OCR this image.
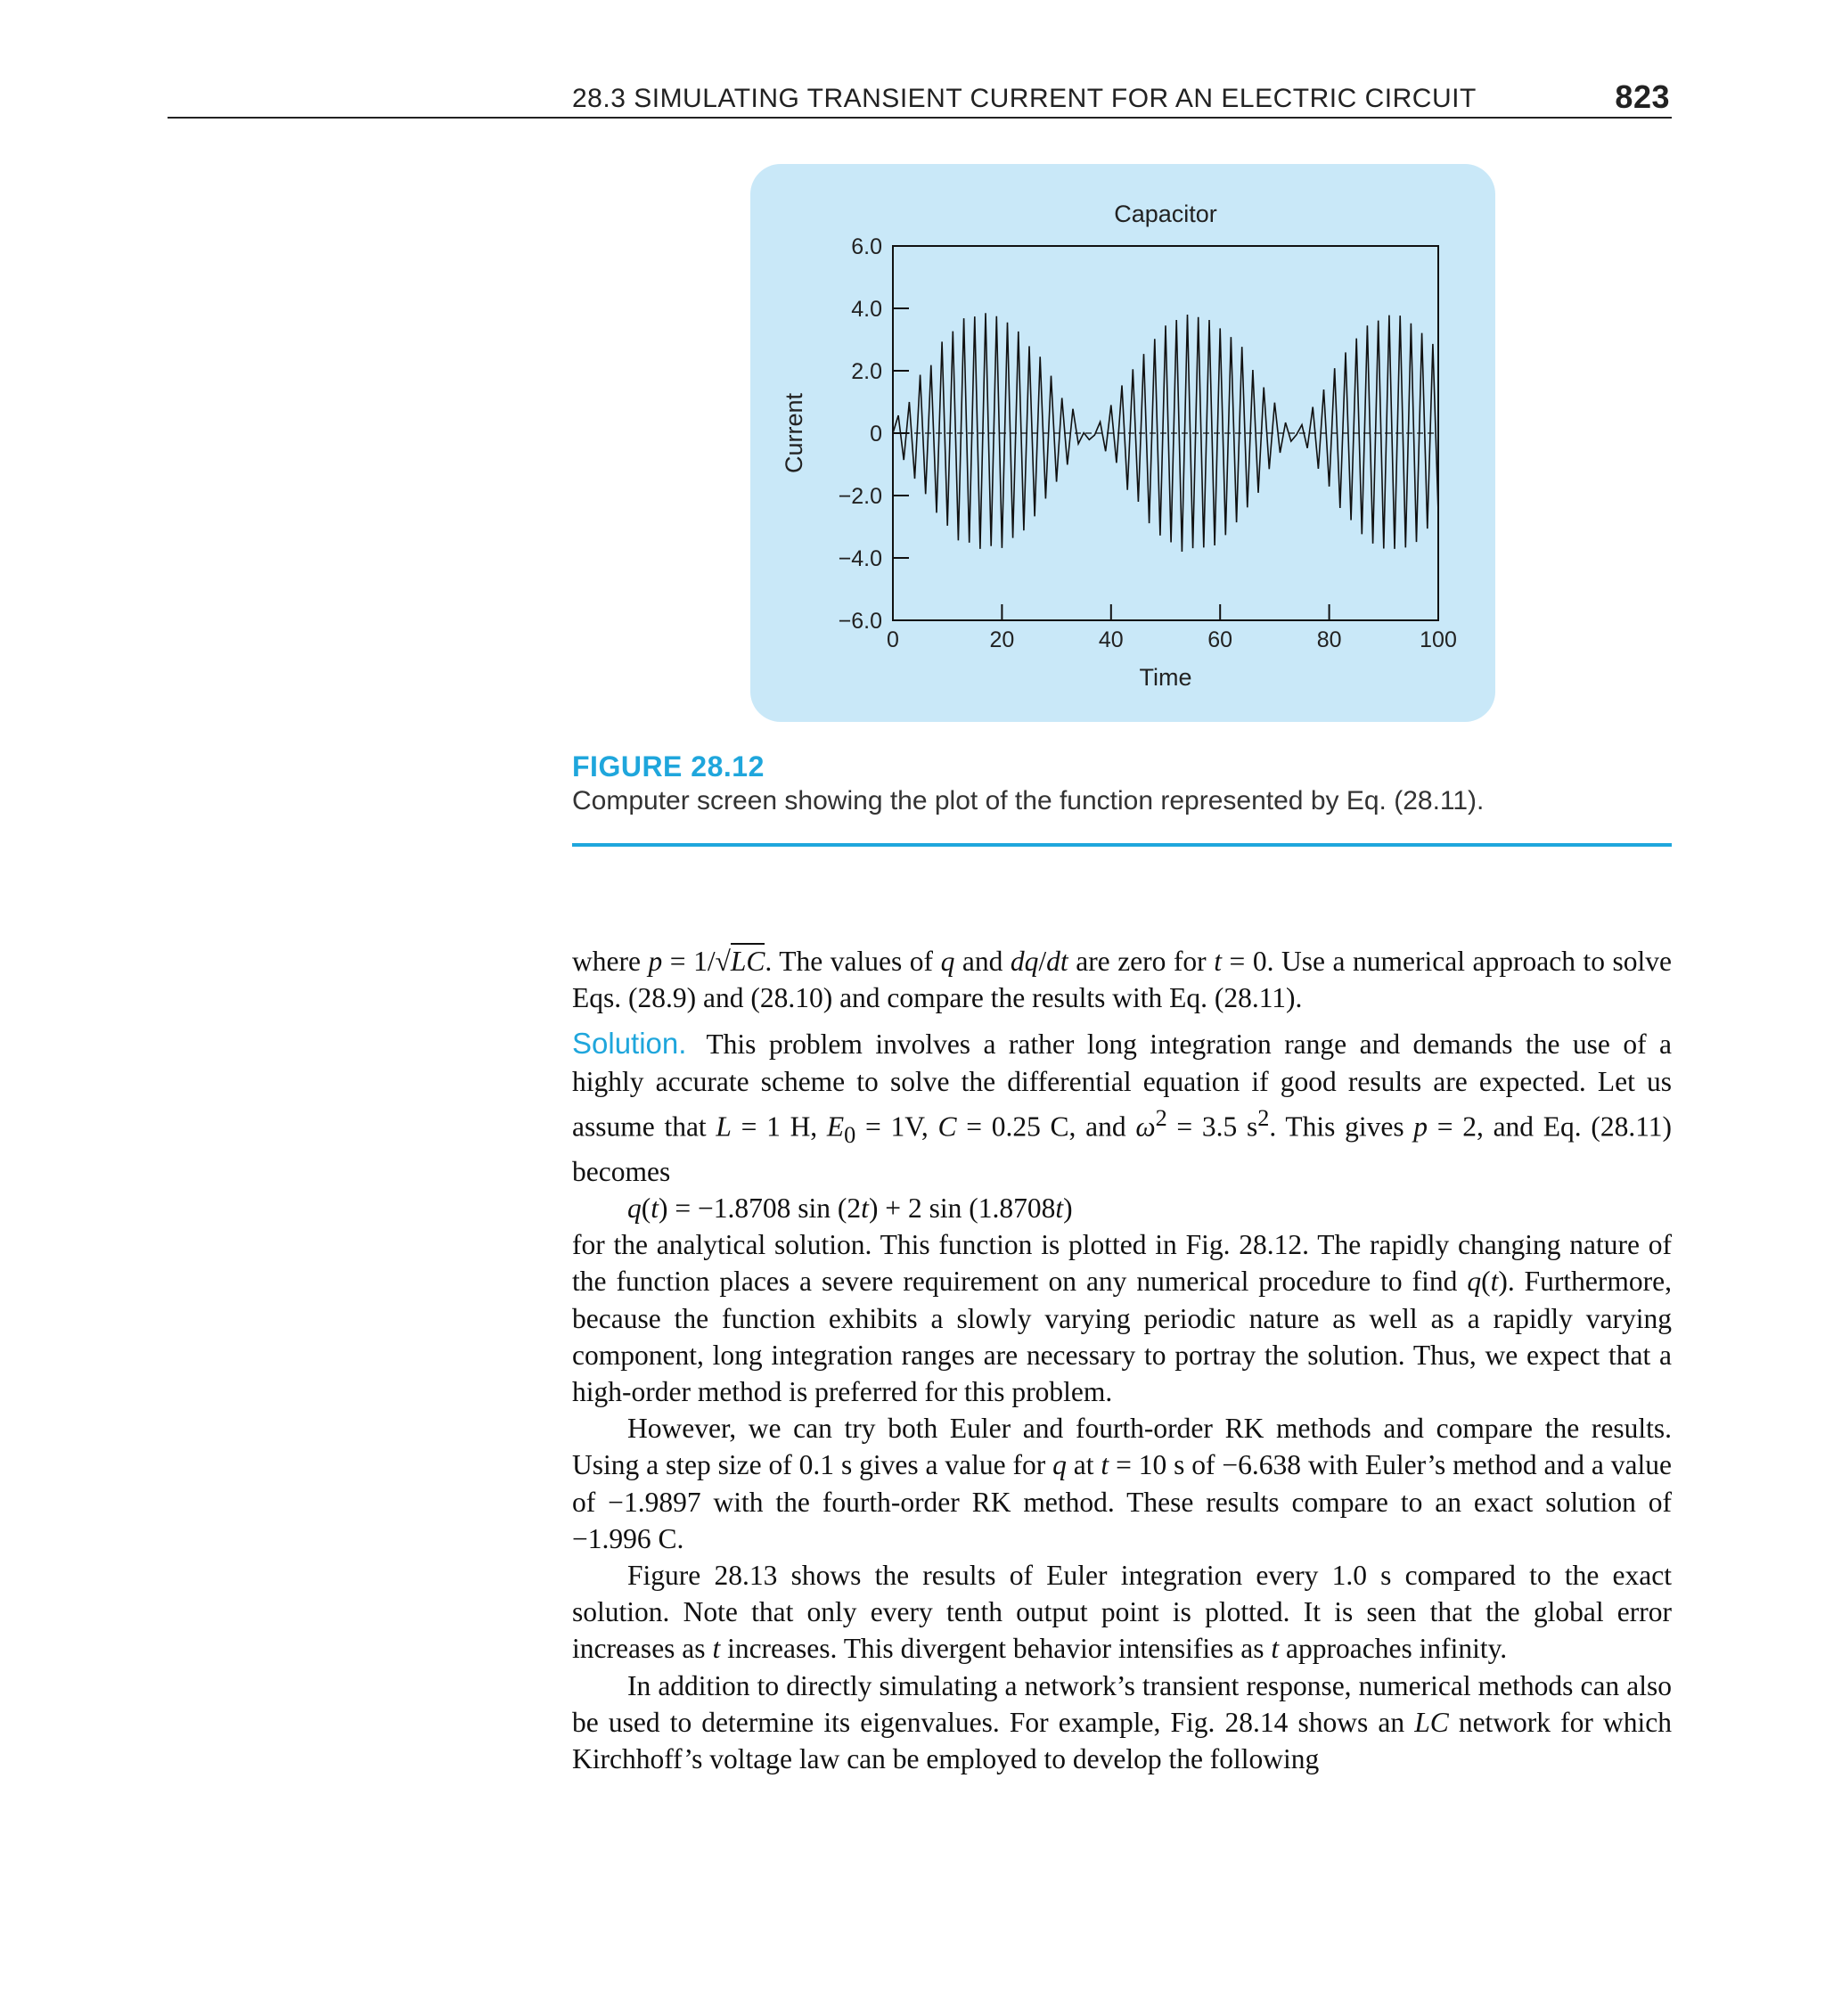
28.3 SIMULATING TRANSIENT CURRENT FOR AN ELECTRIC CIRCUIT	823
6.0
4.0
2.0
0
−2.0
−4.0
−6.0
0	20	40	60	80	100
Capacitor
Time
Current
FIGURE 28.12
Computer screen showing the plot of the function represented by Eq. (28.11).

where p = 1/√LC. The values of q and dq/dt are zero for t = 0. Use a numerical approach to solve Eqs. (28.9) and (28.10) and compare the results with Eq. (28.11).

Solution. This problem involves a rather long integration range and demands the use of a highly accurate scheme to solve the differential equation if good results are expected. Let us assume that L = 1 H, $E_0 = 1V$, C = 0.25 C, and $\omega^2 = 3.5$ $s^2$. This gives p = 2, and Eq. (28.11) becomes

q(t) = −1.8708 sin (2t) + 2 sin (1.8708t)

for the analytical solution. This function is plotted in Fig. 28.12. The rapidly changing nature of the function places a severe requirement on any numerical procedure to find q(t). Furthermore, because the function exhibits a slowly varying periodic nature as well as a rapidly varying component, long integration ranges are necessary to portray the solution. Thus, we expect that a high-order method is preferred for this problem.

However, we can try both Euler and fourth-order RK methods and compare the results. Using a step size of 0.1 s gives a value for q at t = 10 s of −6.638 with Euler’s method and a value of −1.9897 with the fourth-order RK method. These results compare to an exact solution of −1.996 C.

Figure 28.13 shows the results of Euler integration every 1.0 s compared to the exact solution. Note that only every tenth output point is plotted. It is seen that the global error increases as t increases. This divergent behavior intensifies as t approaches infinity.

In addition to directly simulating a network’s transient response, numerical methods can also be used to determine its eigenvalues. For example, Fig. 28.14 shows an LC network for which Kirchhoff’s voltage law can be employed to develop the following
